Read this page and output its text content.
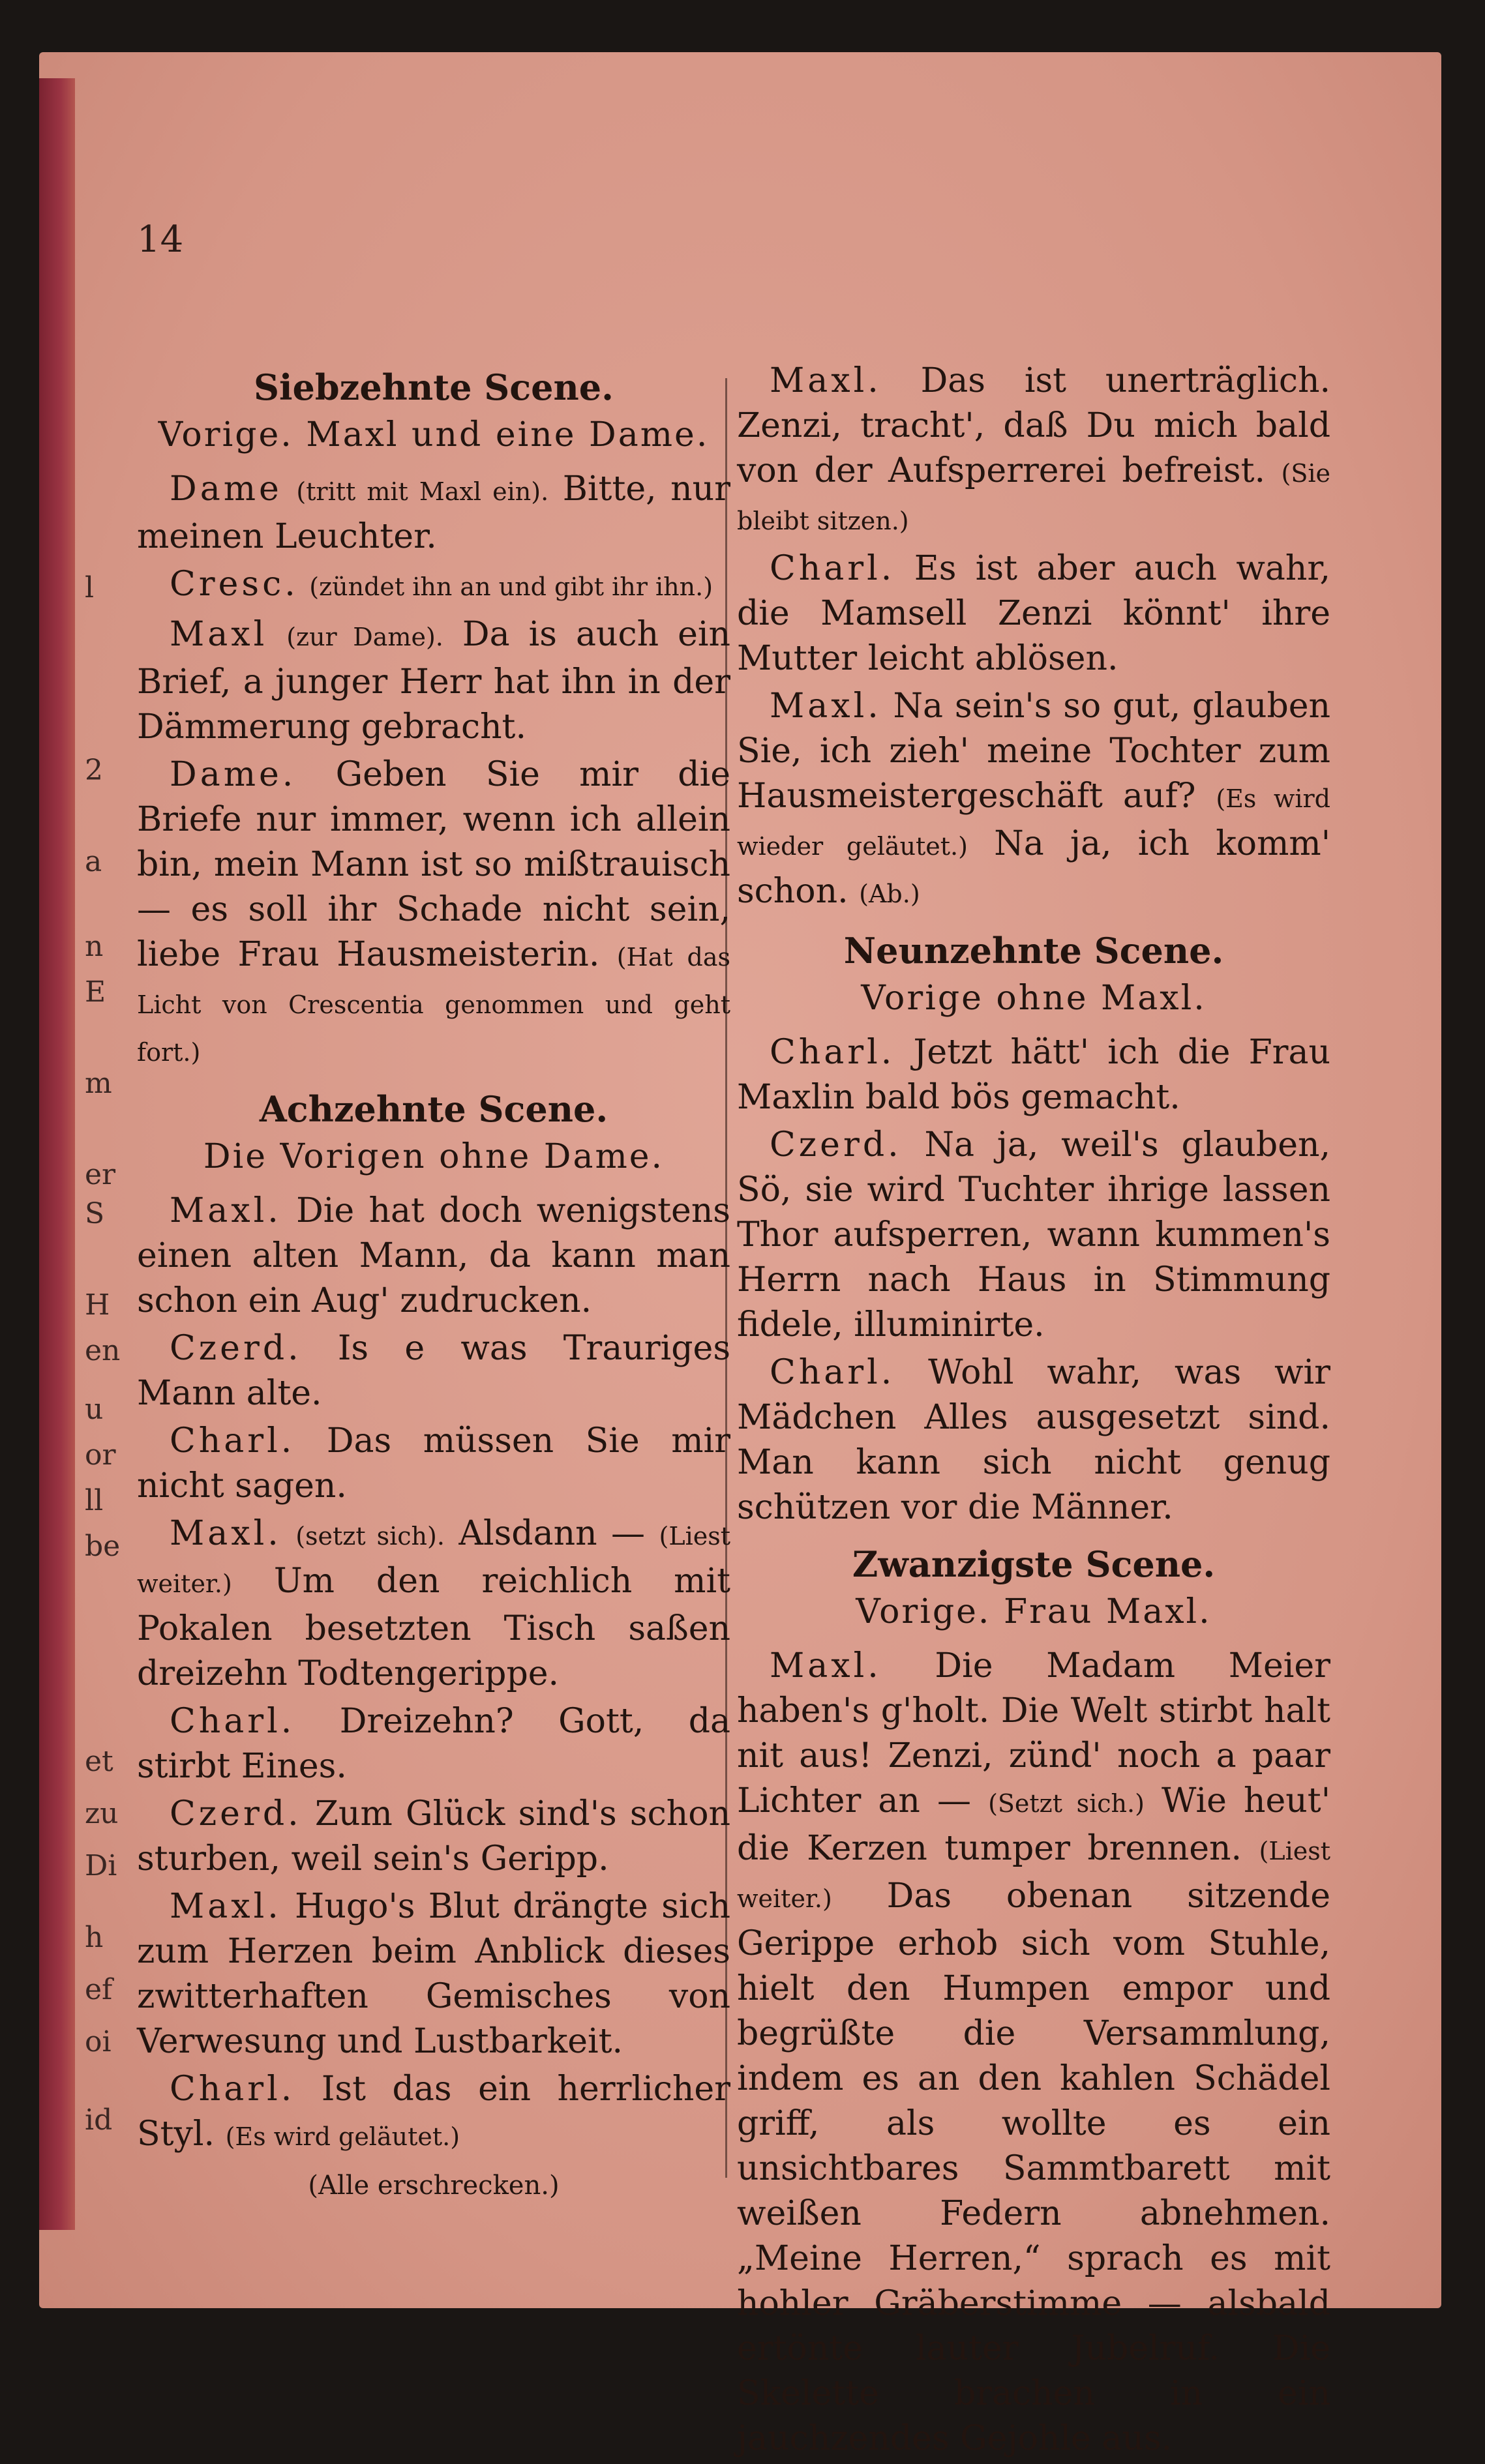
l
2
a
n
E
m
er
S
H
en
u
or
ll
be
et
zu
Di
h
ef
oi
id
14
Siebzehnte Scene.
Vorige. Maxl und eine Dame.

Dame (tritt mit Maxl ein). Bitte, nur meinen Leuchter.

Cresc. (zündet ihn an und gibt ihr ihn.)

Maxl (zur Dame). Da is auch ein Brief, a junger Herr hat ihn in der Dämmerung gebracht.

Dame. Geben Sie mir die Briefe nur immer, wenn ich allein bin, mein Mann ist so mißtrauisch — es soll ihr Schade nicht sein, liebe Frau Hausmeisterin. (Hat das Licht von Crescentia genommen und geht fort.)

Achzehnte Scene.
Die Vorigen ohne Dame.

Maxl. Die hat doch wenigstens einen alten Mann, da kann man schon ein Aug' zudrucken.

Czerd. Is e was Trauriges Mann alte.

Charl. Das müssen Sie mir nicht sagen.

Maxl. (setzt sich). Alsdann — (Liest weiter.) Um den reichlich mit Pokalen besetzten Tisch saßen dreizehn Todtengerippe.

Charl. Dreizehn? Gott, da stirbt Eines.

Czerd. Zum Glück sind's schon sturben, weil sein's Geripp.

Maxl. Hugo's Blut drängte sich zum Herzen beim Anblick dieses zwitterhaften Gemisches von Verwesung und Lustbarkeit.

Charl. Ist das ein herrlicher Styl. (Es wird geläutet.)

(Alle erschrecken.)

Maxl. Das ist unerträglich. Zenzi, tracht', daß Du mich bald von der Aufsperrerei befreist. (Sie bleibt sitzen.)

Charl. Es ist aber auch wahr, die Mamsell Zenzi könnt' ihre Mutter leicht ablösen.

Maxl. Na sein's so gut, glauben Sie, ich zieh' meine Tochter zum Hausmeistergeschäft auf? (Es wird wieder geläutet.) Na ja, ich komm' schon. (Ab.)

Neunzehnte Scene.
Vorige ohne Maxl.

Charl. Jetzt hätt' ich die Frau Maxlin bald bös gemacht.

Czerd. Na ja, weil's glauben, Sö, sie wird Tuchter ihrige lassen Thor aufsperren, wann kummen's Herrn nach Haus in Stimmung fidele, illuminirte.

Charl. Wohl wahr, was wir Mädchen Alles ausgesetzt sind. Man kann sich nicht genug schützen vor die Männer.

Zwanzigste Scene.
Vorige. Frau Maxl.

Maxl. Die Madam Meier haben's g'holt. Die Welt stirbt halt nit aus! Zenzi, zünd' noch a paar Lichter an — (Setzt sich.) Wie heut' die Kerzen tumper brennen. (Liest weiter.) Das obenan sitzende Gerippe erhob sich vom Stuhle, hielt den Humpen empor und begrüßte die Versammlung, indem es an den kahlen Schädel griff, als wollte es ein unsichtbares Sammtbarett mit weißen Federn abnehmen. „Meine Herren,“ sprach es mit hohler Gräberstimme — alsbald ertönte lauter Jubelruf. Die Skelette brachen in ein jauchzendes Gejohle aus.
